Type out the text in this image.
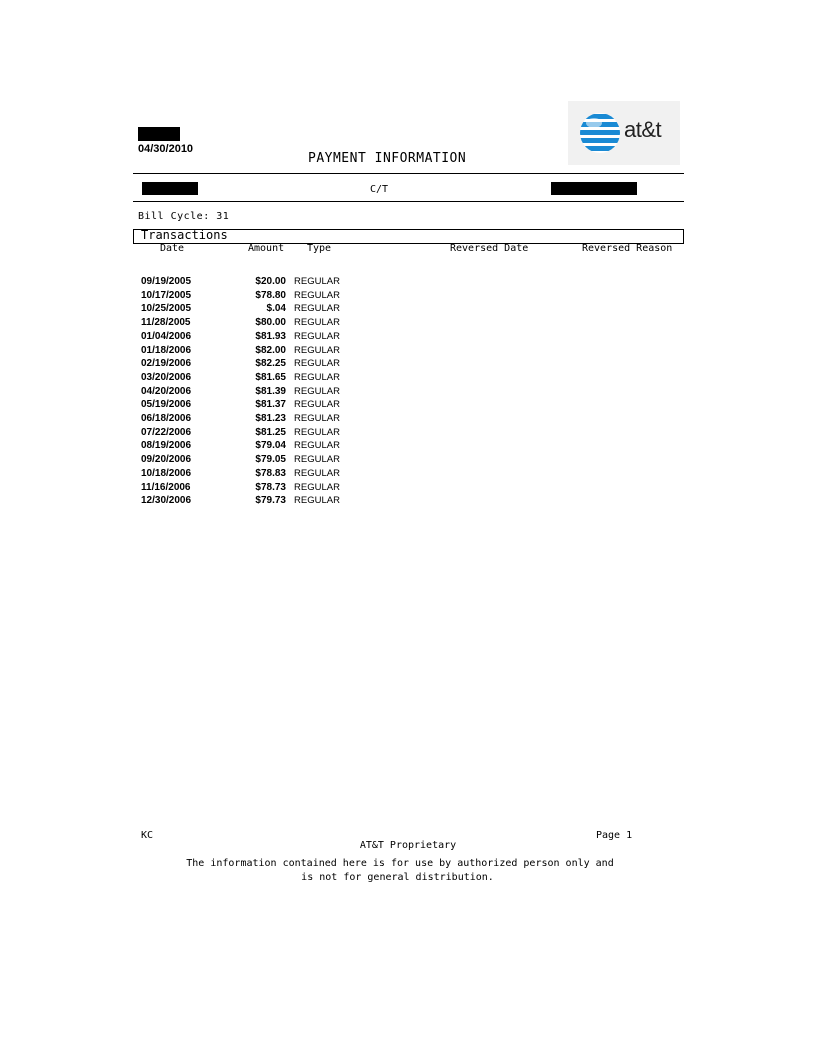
04/30/2010
PAYMENT INFORMATION
at&t
C/T
Bill Cycle: 31
Transactions
Date	Amount Type	Reversed Date	Reversed Reason
09/19/2005	$20.00 REGULAR
10/17/2005	$78.80 REGULAR
10/25/2005	$.04 REGULAR
11/28/2005	$80.00 REGULAR
01/04/2006	$81.93 REGULAR
01/18/2006	$82.00 REGULAR
02/19/2006	$82.25 REGULAR
03/20/2006	$81.65 REGULAR
04/20/2006	$81.39 REGULAR
05/19/2006	$81.37 REGULAR
06/18/2006	$81.23 REGULAR
07/22/2006	$81.25 REGULAR
08/19/2006	$79.04 REGULAR
09/20/2006	$79.05 REGULAR
10/18/2006	$78.83 REGULAR
11/16/2006	$78.73 REGULAR
12/30/2006	$79.73 REGULAR
KC	Page 1
AT&T Proprietary
The information contained here is for use by authorized person only and
is not for general distribution.
